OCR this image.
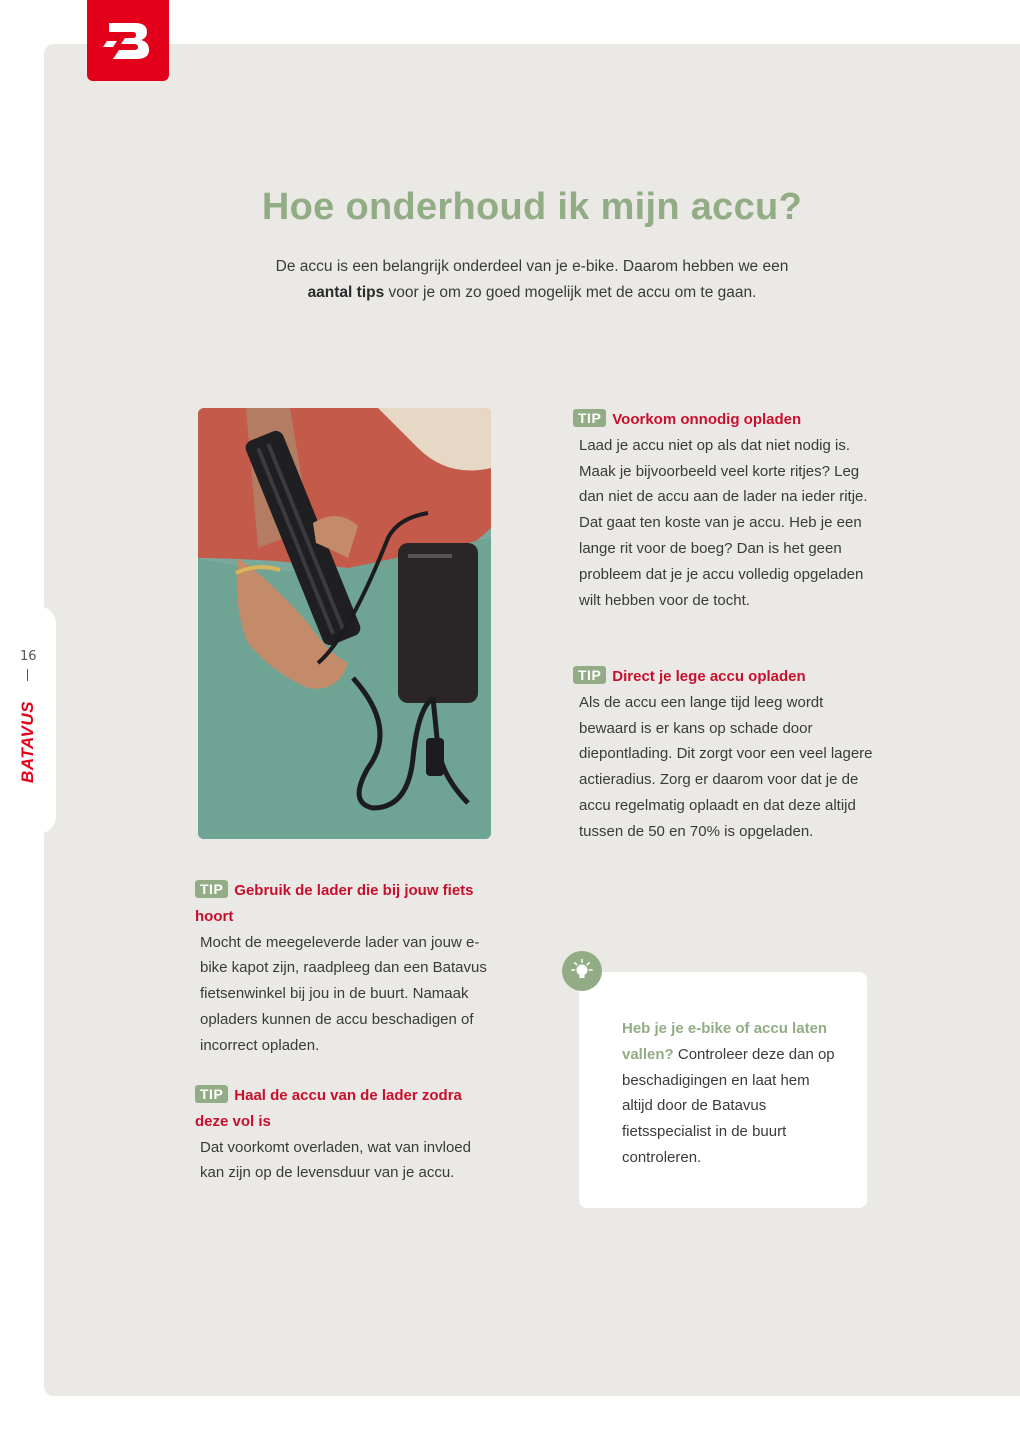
16
BATAVUS
Hoe onderhoud ik mijn accu?
De accu is een belangrijk onderdeel van je e-bike. Daarom hebben we een aantal tips voor je om zo goed mogelijk met de accu om te gaan.
TIP Gebruik de lader die bij jouw fiets hoort
Mocht de meegeleverde lader van jouw e-bike kapot zijn, raadpleeg dan een Batavus fietsenwinkel bij jou in de buurt. Namaak opladers kunnen de accu beschadigen of incorrect opladen.
TIP Haal de accu van de lader zodra deze vol is
Dat voorkomt overladen, wat van invloed kan zijn op de levensduur van je accu.
TIP Voorkom onnodig opladen
Laad je accu niet op als dat niet nodig is. Maak je bijvoorbeeld veel korte ritjes? Leg dan niet de accu aan de lader na ieder ritje. Dat gaat ten koste van je accu. Heb je een lange rit voor de boeg? Dan is het geen probleem dat je je accu volledig opgeladen wilt hebben voor de tocht.
TIP Direct je lege accu opladen
Als de accu een lange tijd leeg wordt bewaard is er kans op schade door diepontlading. Dit zorgt voor een veel lagere actieradius. Zorg er daarom voor dat je de accu regelmatig oplaadt en dat deze altijd tussen de 50 en 70% is opgeladen.
Heb je je e-bike of accu laten vallen? Controleer deze dan op beschadigingen en laat hem altijd door de Batavus fietsspecialist in de buurt controleren.
